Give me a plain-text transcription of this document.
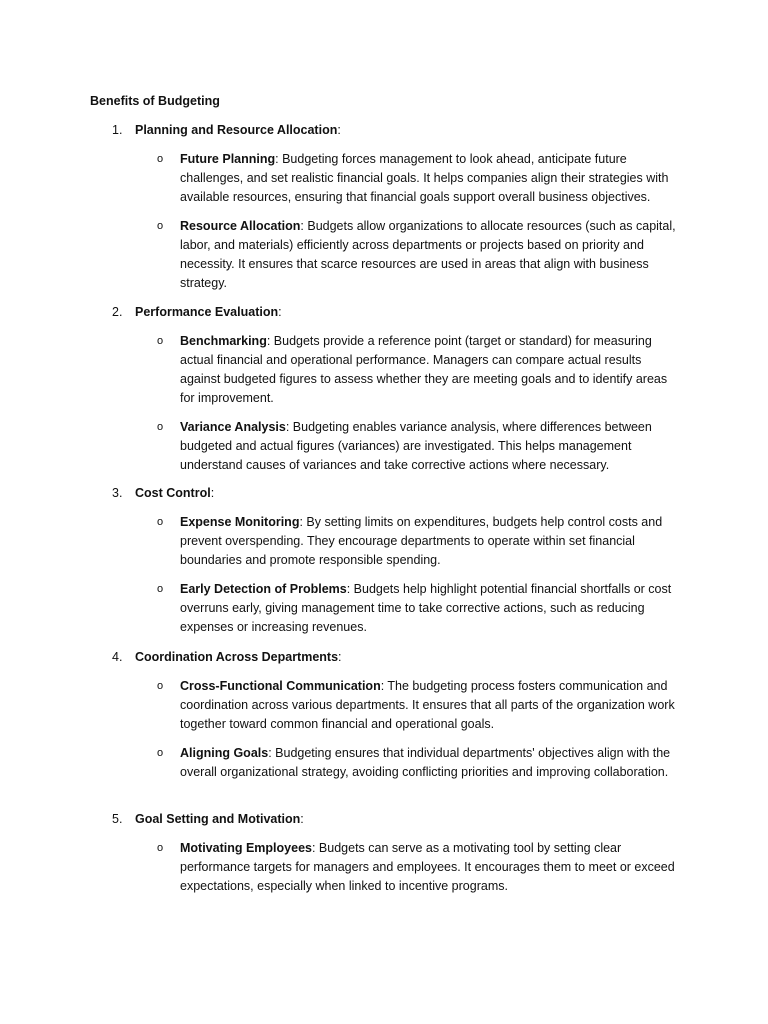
Benefits of Budgeting
1. Planning and Resource Allocation:
o Future Planning: Budgeting forces management to look ahead, anticipate future challenges, and set realistic financial goals. It helps companies align their strategies with available resources, ensuring that financial goals support overall business objectives.
o Resource Allocation: Budgets allow organizations to allocate resources (such as capital, labor, and materials) efficiently across departments or projects based on priority and necessity. It ensures that scarce resources are used in areas that align with business strategy.
2. Performance Evaluation:
o Benchmarking: Budgets provide a reference point (target or standard) for measuring actual financial and operational performance. Managers can compare actual results against budgeted figures to assess whether they are meeting goals and to identify areas for improvement.
o Variance Analysis: Budgeting enables variance analysis, where differences between budgeted and actual figures (variances) are investigated. This helps management understand causes of variances and take corrective actions where necessary.
3. Cost Control:
o Expense Monitoring: By setting limits on expenditures, budgets help control costs and prevent overspending. They encourage departments to operate within set financial boundaries and promote responsible spending.
o Early Detection of Problems: Budgets help highlight potential financial shortfalls or cost overruns early, giving management time to take corrective actions, such as reducing expenses or increasing revenues.
4. Coordination Across Departments:
o Cross-Functional Communication: The budgeting process fosters communication and coordination across various departments. It ensures that all parts of the organization work together toward common financial and operational goals.
o Aligning Goals: Budgeting ensures that individual departments' objectives align with the overall organizational strategy, avoiding conflicting priorities and improving collaboration.
5. Goal Setting and Motivation:
o Motivating Employees: Budgets can serve as a motivating tool by setting clear performance targets for managers and employees. It encourages them to meet or exceed expectations, especially when linked to incentive programs.
